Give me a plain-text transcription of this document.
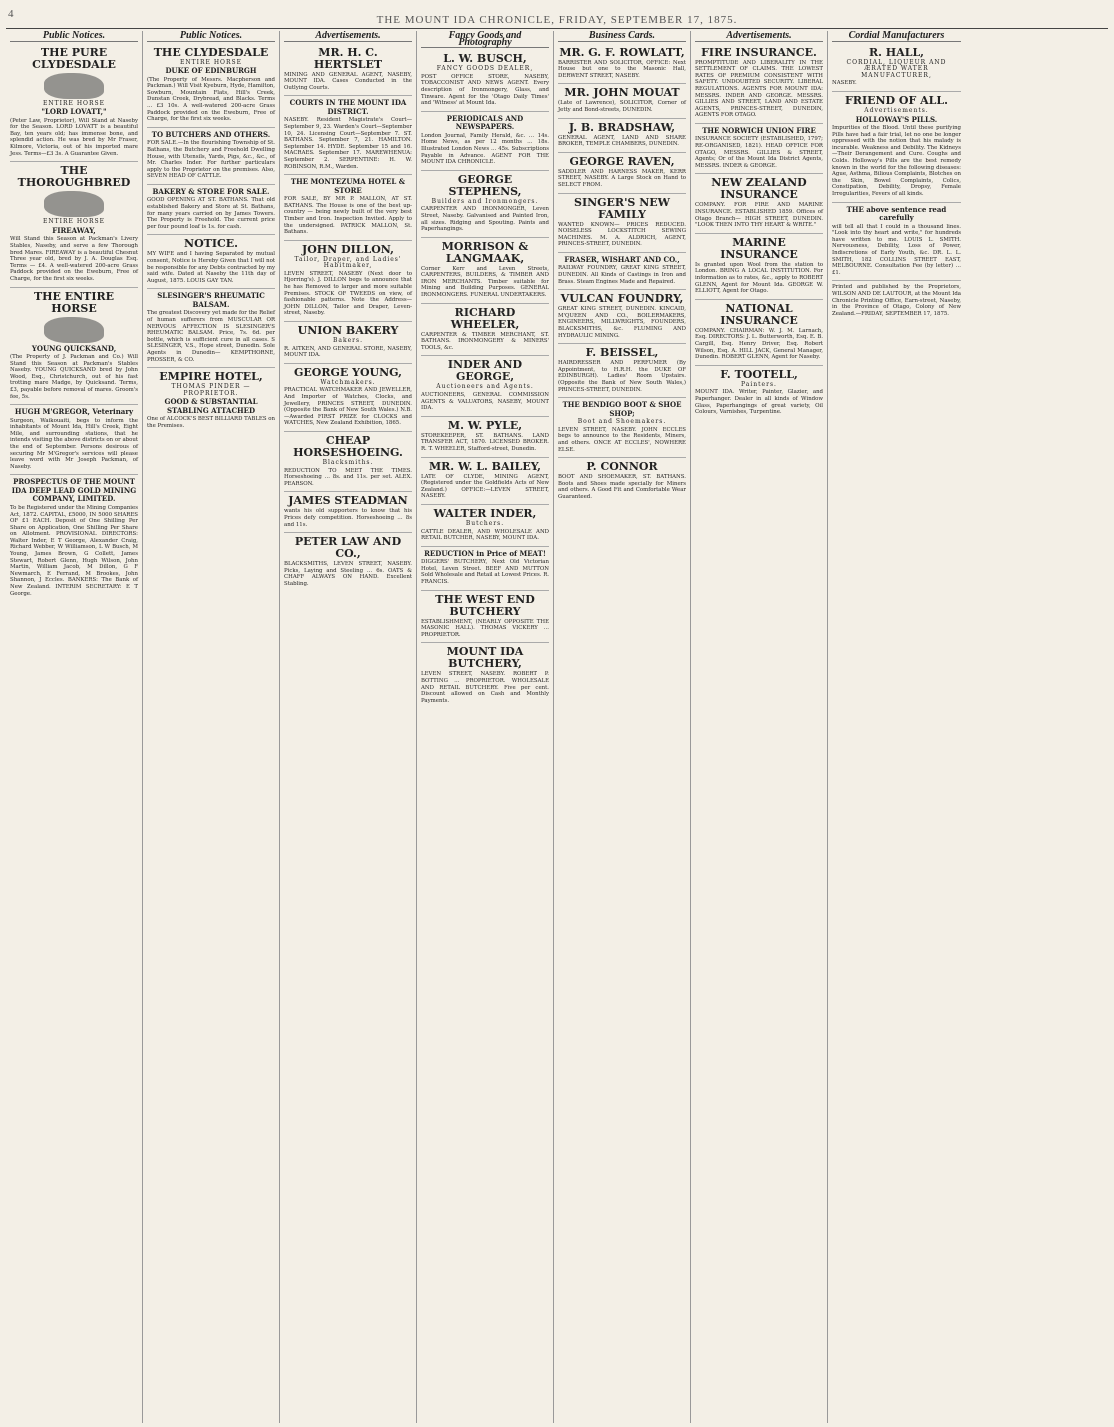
4	THE MOUNT IDA CHRONICLE, FRIDAY, SEPTEMBER 17, 1875.
Public Notices.
THE PURE CLYDESDALE
ENTIRE HORSE
"LORD LOVATT,"

(Peter Law, Proprietor), Will Stand at Naseby for the Season. LORD LOVATT is a beautiful Bay, ten years old; has immense bone, and splendid action. He was bred by Mr Fraser, Kilmore, Victoria, out of his imported mare Jess. Terms—£3 3s. A Guarantee Given.

THE THOROUGHBRED
ENTIRE HORSE
FIREAWAY,

Will Stand this Season at Packman's Livery Stables, Naseby, and serve a few Thorough bred Mares. FIREAWAY is a beautiful Chesnut Three year old, bred by J. A. Douglas Esq. Terms — £4. A well-watered 200-acre Grass Paddock provided on the Eweburn, Free of Charge, for the first six weeks.

THE ENTIRE HORSE
YOUNG QUICKSAND,

(The Property of J. Packman and Co.) Will Stand this Season at Packman's Stables Naseby. YOUNG QUICKSAND bred by John Wood, Esq., Christchurch, out of his fast trotting mare Madge, by Quicksand. Terms, £3, payable before removal of mares. Groom's fee, 5s.

HUGH M'GREGOR, Veterinary

Surgeon, Waikouaiti, begs to inform the inhabitants of Mount Ida, Hill's Creek, Eight Mile, and surrounding stations, that he intends visiting the above districts on or about the end of September. Persons desirous of securing Mr M'Gregor's services will please leave word with Mr Joseph Packman, of Naseby.

PROSPECTUS OF THE MOUNT IDA DEEP LEAD GOLD MINING COMPANY, LIMITED.

To be Registered under the Mining Companies Act, 1872. CAPITAL, £5000, IN 5000 SHARES OF £1 EACH. Deposit of One Shilling Per Share on Application, One Shilling Per Share on Allotment. PROVISIONAL DIRECTORS: Walter Inder, E T George, Alexander Craig, Richard Webber, W Williamson, L W Busch, M Young, James Brown, G Collett, James Stewart, Robert Glenn, Hugh Wilson, John Martin, William Jacob, M Dillon, G F Newmarch, E Ferrand, M Brookes, John Shannon, J Eccles. BANKERS: The Bank of New Zealand. INTERIM SECRETARY: E T George.

Public Notices.
THE CLYDESDALE
ENTIRE HORSE
DUKE OF EDINBURGH

(The Property of Messrs. Macpherson and Packman.) Will Visit Kyeburn, Hyde, Hamilton, Sowburn, Mountain Flats, Hill's Creek, Dunstan Creek, Drybread, and Blacks. Terms … £3 10s. A well-watered 200-acre Grass Paddock provided on the Eweburn, Free of Charge, for the first six weeks.

TO BUTCHERS AND OTHERS.

FOR SALE.—In the flourishing Township of St. Bathans, the Butchery and Freehold Dwelling House, with Utensils, Yards, Pigs, &c., &c., of Mr. Charles Inder. For further particulars apply to the Proprietor on the premises. Also, SEVEN HEAD OF CATTLE.

BAKERY & STORE FOR SALE.

GOOD OPENING AT ST. BATHANS. That old established Bakery and Store at St. Bathans, for many years carried on by James Towers. The Property is Freehold. The current price per four pound loaf is 1s. for cash.

NOTICE.

MY WIFE and I having Separated by mutual consent, Notice is Hereby Given that I will not be responsible for any Debts contracted by my said wife. Dated at Naseby the 11th day of August, 1875. LOUIS GAY TAN.

SLESINGER'S RHEUMATIC BALSAM.

The greatest Discovery yet made for the Relief of human sufferers from MUSCULAR OR NERVOUS AFFECTION IS SLESINGER'S RHEUMATIC BALSAM. Price, 7s. 6d. per bottle, which is sufficient cure in all cases. S SLESINGER, V.S., Hope street, Dunedin. Sole Agents in Dunedin— KEMPTHORNE, PROSSER, & CO.

EMPIRE HOTEL,
THOMAS PINDER — PROPRIETOR.
GOOD & SUBSTANTIAL STABLING ATTACHED

One of ALCOCK'S BEST BILLIARD TABLES on the Premises.

Advertisements.
MR. H. C. HERTSLET

MINING AND GENERAL AGENT, NASEBY, MOUNT IDA. Cases Conducted in the Outlying Courts.

COURTS IN THE MOUNT IDA DISTRICT.

NASEBY. Resident Magistrate's Court—September 9, 23. Warden's Court—September 10, 24. Licensing Court—September 7. ST. BATHANS. September 7, 21. HAMILTON. September 14. HYDE. September 15 and 16. MACRAES. September 17. MAREWHENUA: September 2. SERPENTINE: H. W. ROBINSON, R.M., Warden.

THE MONTEZUMA HOTEL & STORE

FOR SALE, BY MR P. MALLON, AT ST. BATHANS. The House is one of the best up-country — being newly built of the very best Timber and Iron. Inspection Invited. Apply to the undersigned. PATRICK MALLON, St. Bathans.

JOHN DILLON,
Tailor, Draper, and Ladies' Habitmaker,

LEVEN STREET, NASEBY (Next door to Hjorring's). J. DILLON begs to announce that he has Removed to larger and more suitable Premises. STOCK OF TWEEDS on view, of fashionable patterns. Note the Address— JOHN DILLON, Tailor and Draper, Leven-street, Naseby.

UNION BAKERY
Bakers.

R. AITKEN, AND GENERAL STORE, NASEBY, MOUNT IDA.

GEORGE YOUNG,
Watchmakers.

PRACTICAL WATCHMAKER AND JEWELLER, And Importer of Watches, Clocks, and Jewellery, PRINCES STREET, DUNEDIN. (Opposite the Bank of New South Wales.) N.B.—Awarded FIRST PRIZE for CLOCKS and WATCHES, New Zealand Exhibition, 1865.

CHEAP HORSESHOEING.
Blacksmiths.

REDUCTION TO MEET THE TIMES. Horseshoeing … 8s. and 11s. per set. ALEX. PEARSON.

JAMES STEADMAN

wants his old supporters to know that his Prices defy competition. Horseshoeing … 8s and 11s.

PETER LAW AND CO.,

BLACKSMITHS, LEVEN STREET, NASEBY. Picks, Laying and Steeling … 6s. OATS & CHAFF ALWAYS ON HAND. Excellent Stabling.

Fancy Goods and Photography
L. W. BUSCH,
FANCY GOODS DEALER,

POST OFFICE STORE, NASEBY, TOBACCONIST AND NEWS AGENT. Every description of Ironmongery, Glass, and Tinware. Agent for the 'Otago Daily Times' and 'Witness' at Mount Ida.

PERIODICALS AND NEWSPAPERS.

London Journal, Family Herald, &c. … 14s. Home News, as per 12 months … 18s. Illustrated London News … 45s. Subscriptions Payable in Advance. AGENT FOR THE MOUNT IDA CHRONICLE.

GEORGE STEPHENS,
Builders and Ironmongers.

CARPENTER AND IRONMONGER, Leven Street, Naseby. Galvanised and Painted Iron, all sizes. Ridging and Spouting. Paints and Paperhangings.

MORRISON & LANGMAAK,

Corner Kerr and Leven Streets, CARPENTERS, BUILDERS, & TIMBER AND IRON MERCHANTS. Timber suitable for Mining and Building Purposes. GENERAL IRONMONGERS. FUNERAL UNDERTAKERS.

RICHARD WHEELER,

CARPENTER & TIMBER MERCHANT, ST. BATHANS. IRONMONGERY & MINERS' TOOLS, &c.

INDER AND GEORGE,
Auctioneers and Agents.

AUCTIONEERS, GENERAL COMMISSION AGENTS & VALUATORS, NASEBY, MOUNT IDA.

M. W. PYLE,

STOREKEEPER, ST. BATHANS. LAND TRANSFER ACT, 1870. LICENSED BROKER. R. T. WHEELER, Stafford-street, Dunedin.

MR. W. L. BAILEY,

LATE OF CLYDE, MINING AGENT, (Registered under the Goldfields Acts of New Zealand.) OFFICE:—LEVEN STREET, NASEBY.

WALTER INDER,
Butchers.

CATTLE DEALER, AND WHOLESALE AND RETAIL BUTCHER, NASEBY, MOUNT IDA.

REDUCTION in Price of MEAT!

DIGGERS' BUTCHERY, Next Old Victorian Hotel, Leven Street. BEEF AND MUTTON Sold Wholesale and Retail at Lowest Prices. R. FRANCIS.

THE WEST END BUTCHERY

ESTABLISHMENT, (NEARLY OPPOSITE THE MASONIC HALL). THOMAS VICKERY … PROPRIETOR.

MOUNT IDA BUTCHERY,

LEVEN STREET, NASEBY. ROBERT P. BOTTING … PROPRIETOR. WHOLESALE AND RETAIL BUTCHERY. Five per cent. Discount allowed on Cash and Monthly Payments.

Business Cards.
MR. G. F. ROWLATT,

BARRISTER AND SOLICITOR, OFFICE: Next House but one to the Masonic Hall, DERWENT STREET, NASEBY.

MR. JOHN MOUAT

(Late of Lawrence), SOLICITOR, Corner of Jetty and Bond-streets, DUNEDIN.

J. B. BRADSHAW,

GENERAL AGENT, LAND AND SHARE BROKER, TEMPLE CHAMBERS, DUNEDIN.

GEORGE RAVEN,

SADDLER AND HARNESS MAKER, KERR STREET, NASEBY. A Large Stock on Hand to SELECT FROM.

SINGER'S NEW FAMILY

WANTED KNOWN— PRICES REDUCED. NOISELESS LOCKSTITCH SEWING MACHINES. M. A. ALDRICH, AGENT, PRINCES-STREET, DUNEDIN.

FRASER, WISHART AND CO.,

RAILWAY FOUNDRY, GREAT KING STREET, DUNEDIN. All Kinds of Castings in Iron and Brass. Steam Engines Made and Repaired.

VULCAN FOUNDRY,

GREAT KING STREET, DUNEDIN. KINCAID, M'QUEEN AND CO., BOILERMAKERS, ENGINEERS, MILLWRIGHTS, FOUNDERS, BLACKSMITHS, &c. FLUMING AND HYDRAULIC MINING.

F. BEISSEL,

HAIRDRESSER AND PERFUMER (By Appointment, to H.R.H. the DUKE OF EDINBURGH). Ladies' Room Upstairs. (Opposite the Bank of New South Wales,) PRINCES-STREET, DUNEDIN.

THE BENDIGO BOOT & SHOE SHOP;
Boot and Shoemakers.

LEVEN STREET, NASEBY. JOHN ECCLES begs to announce to the Residents, Miners, and others. ONCE AT ECCLES', NOWHERE ELSE.

P. CONNOR

BOOT AND SHOEMAKER, ST. BATHANS. Boots and Shoes made specially for Miners and others. A Good Fit and Comfortable Wear Guaranteed.

Advertisements.
FIRE INSURANCE.

PROMPTITUDE AND LIBERALITY IN THE SETTLEMENT OF CLAIMS. THE LOWEST RATES OF PREMIUM CONSISTENT WITH SAFETY. UNDOUBTED SECURITY. LIBERAL REGULATIONS. AGENTS FOR MOUNT IDA: MESSRS. INDER AND GEORGE. MESSRS. GILLIES AND STREET, LAND AND ESTATE AGENTS, PRINCES-STREET, DUNEDIN, AGENTS FOR OTAGO.

THE NORWICH UNION FIRE

INSURANCE SOCIETY (ESTABLISHED, 1797; RE-ORGANISED, 1821). HEAD OFFICE FOR OTAGO, MESSRS. GILLIES & STREET, Agents; Or of the Mount Ida District Agents, MESSRS. INDER & GEORGE.

NEW ZEALAND INSURANCE

COMPANY. FOR FIRE AND MARINE INSURANCE. ESTABLISHED 1859. Offices of Otago Branch— HIGH STREET, DUNEDIN. "LOOK THEN INTO THY HEART & WRITE."

MARINE INSURANCE

Is granted upon Wool from the station to London. BRING A LOCAL INSTITUTION. For information as to rates, &c., apply to ROBERT GLENN, Agent for Mount Ida. GEORGE W. ELLIOTT, Agent for Otago.

NATIONAL INSURANCE

COMPANY. CHAIRMAN: W. J. M. Larnach, Esq. DIRECTORS: J. L. Butterworth, Esq. E. B. Cargill, Esq. Henry Driver, Esq. Robert Wilson, Esq. A. HILL JACK, General Manager, Dunedin. ROBERT GLENN, Agent for Naseby.

F. TOOTELL,
Painters.

MOUNT IDA. Writer, Painter, Glazier, and Paperhanger. Dealer in all kinds of Window Glass, Paperhangings of great variety, Oil Colours, Varnishes, Turpentine.

Cordial Manufacturers
R. HALL,
CORDIAL, LIQUEUR AND ÆRATED WATER MANUFACTURER,

NASEBY.

FRIEND OF ALL.
Advertisements.
HOLLOWAY'S PILLS.

Impurities of the Blood. Until these purifying Pills have had a fair trial, let no one be longer oppressed with the notion that his malady is incurable. Weakness and Debility. The Kidneys—Their Derangement and Cure. Coughs and Colds. Holloway's Pills are the best remedy known in the world for the following diseases: Ague, Asthma, Bilious Complaints, Blotches on the Skin, Bowel Complaints, Colics, Constipation, Debility, Dropsy, Female Irregularities, Fevers of all kinds.

THE above sentence read carefully

will tell all that I could in a thousand lines. "Look into thy heart and write," for hundreds have written to me. LOUIS L. SMITH. Nervousness, Debility, Loss of Power, Indiscretions of Early Youth, &c. DR. L. L. SMITH, 182 COLLINS STREET EAST, MELBOURNE. Consultation Fee (by letter) … £1.

Printed and published by the Proprietors, WILSON AND DE LAUTOUR, at the Mount Ida Chronicle Printing Office, Earn-street, Naseby, in the Province of Otago, Colony of New Zealand.—FRIDAY, SEPTEMBER 17, 1875.
